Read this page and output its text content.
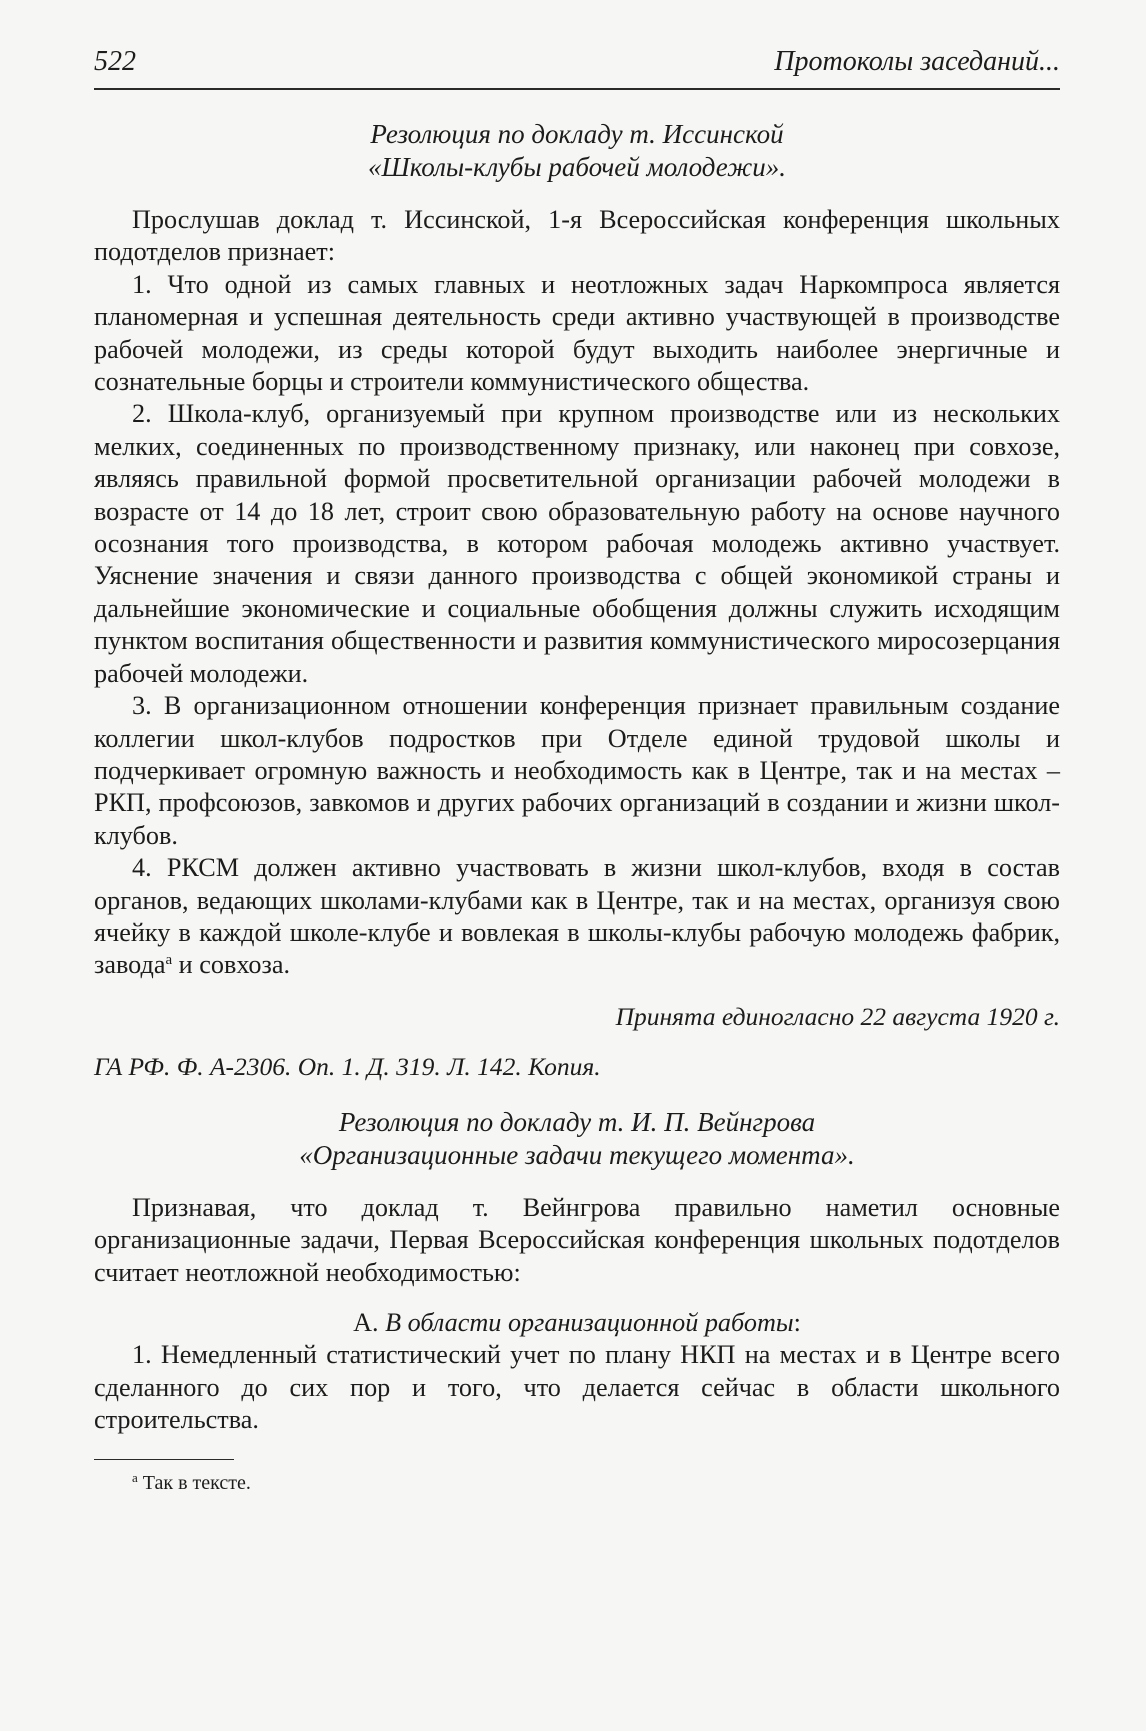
522	Протоколы заседаний...
Резолюция по докладу т. Иссинской
«Школы-клубы рабочей молодежи».

Прослушав доклад т. Иссинской, 1-я Всероссийская конференция школьных подотделов признает:

1. Что одной из самых главных и неотложных задач Наркомпроса является планомерная и успешная деятельность среди активно участвующей в производстве рабочей молодежи, из среды которой будут выходить наиболее энергичные и сознательные борцы и строители коммунистического общества.

2. Школа-клуб, организуемый при крупном производстве или из нескольких мелких, соединенных по производственному признаку, или наконец при совхозе, являясь правильной формой просветительной организации рабочей молодежи в возрасте от 14 до 18 лет, строит свою образовательную работу на основе научного осознания того производства, в котором рабочая молодежь активно участвует. Уяснение значения и связи данного производства с общей экономикой страны и дальнейшие экономические и социальные обобщения должны служить исходящим пунктом воспитания общественности и развития коммунистического миросозерцания рабочей молодежи.

3. В организационном отношении конференция признает правильным создание коллегии школ-клубов подростков при Отделе единой трудовой школы и подчеркивает огромную важность и необходимость как в Центре, так и на местах – РКП, профсоюзов, завкомов и других рабочих организаций в создании и жизни школ-клубов.

4. РКСМ должен активно участвовать в жизни школ-клубов, входя в состав органов, ведающих школами-клубами как в Центре, так и на местах, организуя свою ячейку в каждой школе-клубе и вовлекая в школы-клубы рабочую молодежь фабрик, завода$^а$ и совхоза.

Принята единогласно 22 августа 1920 г.
ГА РФ. Ф. А-2306. Оп. 1. Д. 319. Л. 142. Копия.
Резолюция по докладу т. И. П. Вейнгрова
«Организационные задачи текущего момента».

Признавая, что доклад т. Вейнгрова правильно наметил основные организационные задачи, Первая Всероссийская конференция школьных подотделов считает неотложной необходимостью:

А. В области организационной работы:

1. Немедленный статистический учет по плану НКП на местах и в Центре всего сделанного до сих пор и того, что делается сейчас в области школьного строительства.

$^а$ Так в тексте.
